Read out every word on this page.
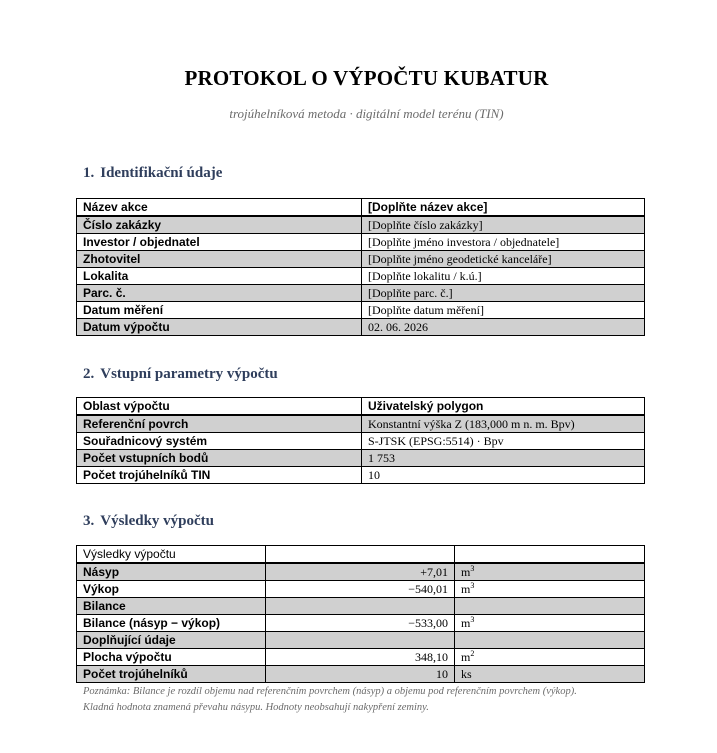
PROTOKOL O VÝPOČTU KUBATUR
trojúhelníková metoda · digitální model terénu (TIN)
1. Identifikační údaje
Název akce	[Doplňte název akce]
Číslo zakázky	[Doplňte číslo zakázky]
Investor / objednatel	[Doplňte jméno investora / objednatele]
Zhotovitel	[Doplňte jméno geodetické kanceláře]
Lokalita	[Doplňte lokalitu / k.ú.]
Parc. č.	[Doplňte parc. č.]
Datum měření	[Doplňte datum měření]
Datum výpočtu	02. 06. 2026
2. Vstupní parametry výpočtu
Oblast výpočtu	Uživatelský polygon
Referenční povrch	Konstantní výška Z (183,000 m n. m. Bpv)
Souřadnicový systém	S-JTSK (EPSG:5514) · Bpv
Počet vstupních bodů	1 753
Počet trojúhelníků TIN	10
3. Výsledky výpočtu
Výsledky výpočtu		
Násyp	+7,01	$m^3$
Výkop	−540,01	$m^3$
Bilance		
Bilance (násyp − výkop)	−533,00	$m^3$
Doplňující údaje		
Plocha výpočtu	348,10	$m^2$
Počet trojúhelníků	10	ks
Poznámka: Bilance je rozdíl objemu nad referenčním povrchem (násyp) a objemu pod referenčním povrchem (výkop).
Kladná hodnota znamená převahu násypu. Hodnoty neobsahují nakypření zeminy.
